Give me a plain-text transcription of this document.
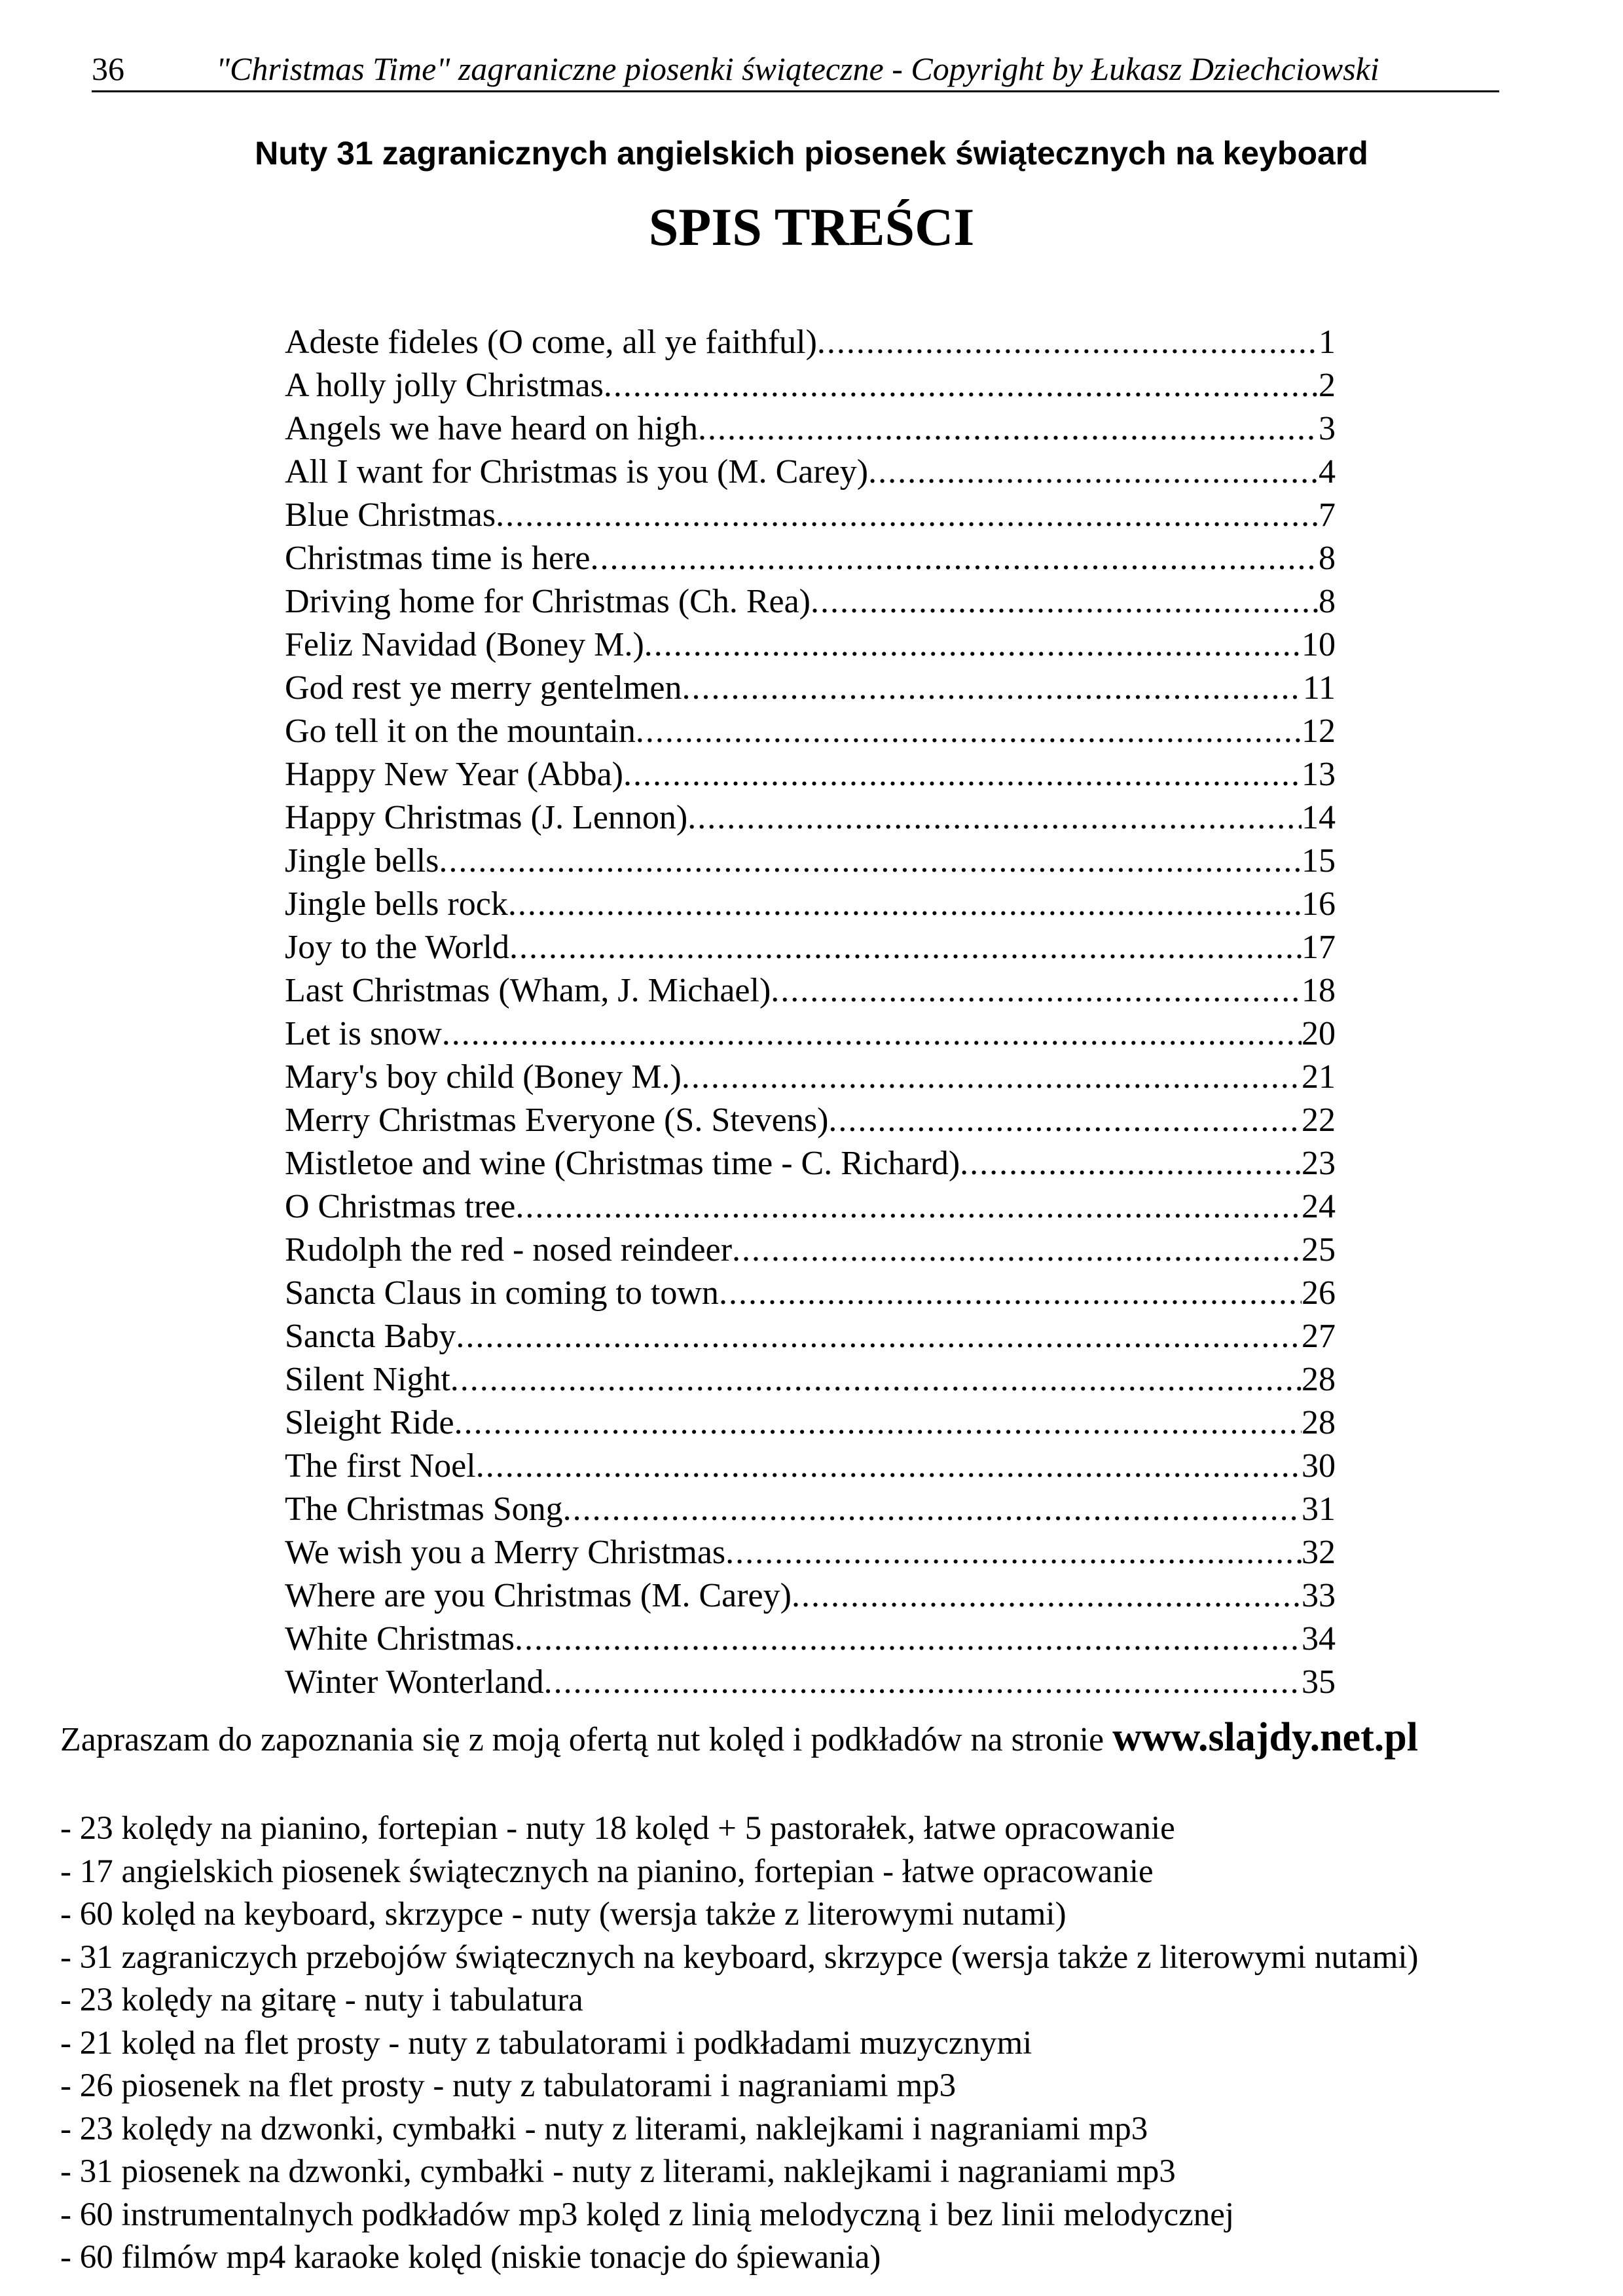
36	"Christmas Time" zagraniczne piosenki świąteczne - Copyright by Łukasz Dziechciowski
Nuty 31 zagranicznych angielskich piosenek świątecznych na keyboard
SPIS TREŚCI
Adeste fideles (O come, all ye faithful) .....	1
A holly jolly Christmas .....	2
Angels we have heard on high .....	3
All I want for Christmas is you (M. Carey) .....	4
Blue Christmas .....	7
Christmas time is here .....	8
Driving home for Christmas (Ch. Rea) .....	8
Feliz Navidad (Boney M.) .....	10
God rest ye merry gentelmen .....	11
Go tell it on the mountain .....	12
Happy New Year (Abba) .....	13
Happy Christmas (J. Lennon) .....	14
Jingle bells .....	15
Jingle bells rock .....	16
Joy to the World .....	17
Last Christmas (Wham, J. Michael) .....	18
Let is snow .....	20
Mary's boy child (Boney M.) .....	21
Merry Christmas Everyone (S. Stevens) .....	22
Mistletoe and wine (Christmas time - C. Richard) .....	23
O Christmas tree .....	24
Rudolph the red - nosed reindeer .....	25
Sancta Claus in coming to town .....	26
Sancta Baby .....	27
Silent Night .....	28
Sleight Ride .....	28
The first Noel .....	30
The Christmas Song .....	31
We wish you a Merry Christmas .....	32
Where are you Christmas (M. Carey) .....	33
White Christmas .....	34
Winter Wonterland .....	35
Zapraszam do zapoznania się z moją ofertą nut kolęd i podkładów na stronie www.slajdy.net.pl
- 23 kolędy na pianino, fortepian - nuty 18 kolęd + 5 pastorałek, łatwe opracowanie
- 17 angielskich piosenek świątecznych na pianino, fortepian - łatwe opracowanie
- 60 kolęd na keyboard, skrzypce - nuty (wersja także z literowymi nutami)
- 31 zagraniczych przebojów świątecznych na keyboard, skrzypce (wersja także z literowymi nutami)
- 23 kolędy na gitarę - nuty i tabulatura
- 21 kolęd na flet prosty - nuty z tabulatorami i podkładami muzycznymi
- 26 piosenek na flet prosty - nuty z tabulatorami i nagraniami mp3
- 23 kolędy na dzwonki, cymbałki - nuty z literami, naklejkami i nagraniami mp3
- 31 piosenek na dzwonki, cymbałki - nuty z literami, naklejkami i nagraniami mp3
- 60 instrumentalnych podkładów mp3 kolęd z linią melodyczną i bez linii melodycznej
- 60 filmów mp4 karaoke kolęd (niskie tonacje do śpiewania)
